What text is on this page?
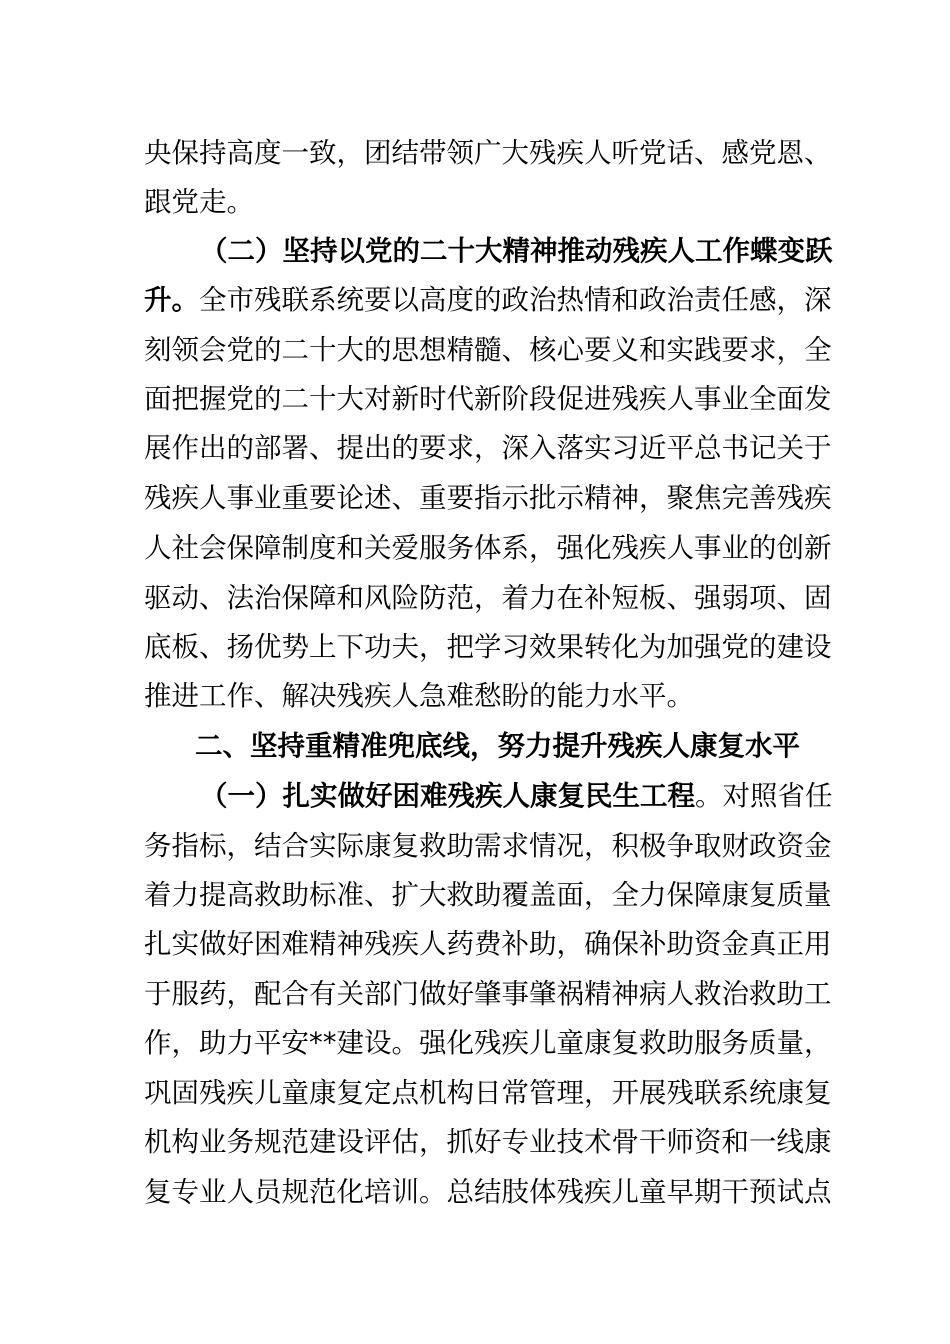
央保持高度一致，团结带领广大残疾人听党话、感党恩、
跟党走。
（二）坚持以党的二十大精神推动残疾人工作蝶变跃
升。全市残联系统要以高度的政治热情和政治责任感，深
刻领会党的二十大的思想精髓、核心要义和实践要求，全
面把握党的二十大对新时代新阶段促进残疾人事业全面发
展作出的部署、提出的要求，深入落实习近平总书记关于
残疾人事业重要论述、重要指示批示精神，聚焦完善残疾
人社会保障制度和关爱服务体系，强化残疾人事业的创新
驱动、法治保障和风险防范，着力在补短板、强弱项、固
底板、扬优势上下功夫，把学习效果转化为加强党的建设
推进工作、解决残疾人急难愁盼的能力水平。
二、坚持重精准兜底线，努力提升残疾人康复水平
（一）扎实做好困难残疾人康复民生工程。对照省任
务指标，结合实际康复救助需求情况，积极争取财政资金
着力提高救助标准、扩大救助覆盖面，全力保障康复质量
扎实做好困难精神残疾人药费补助，确保补助资金真正用
于服药，配合有关部门做好肇事肇祸精神病人救治救助工
作，助力平安**建设。强化残疾儿童康复救助服务质量，
巩固残疾儿童康复定点机构日常管理，开展残联系统康复
机构业务规范建设评估，抓好专业技术骨干师资和一线康
复专业人员规范化培训。总结肢体残疾儿童早期干预试点
